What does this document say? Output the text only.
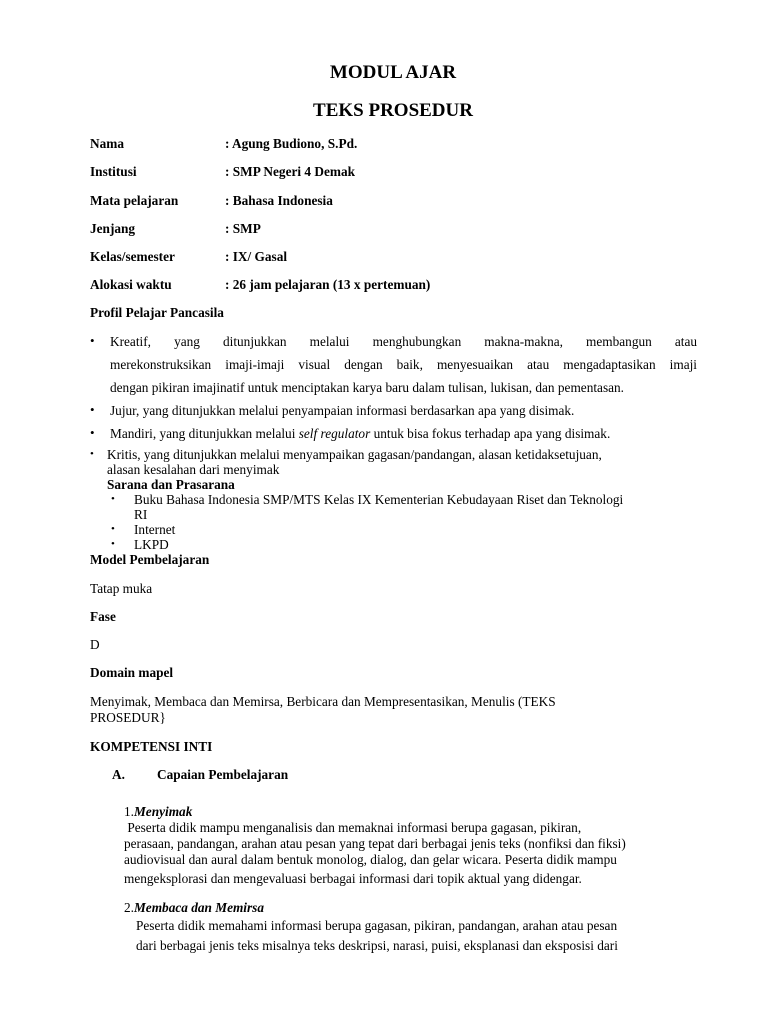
MODUL AJAR
TEKS PROSEDUR
Nama	: Agung Budiono, S.Pd.
Institusi	: SMP Negeri 4 Demak
Mata pelajaran	: Bahasa Indonesia
Jenjang	: SMP
Kelas/semester	: IX/ Gasal
Alokasi waktu	: 26 jam pelajaran (13 x pertemuan)
Profil Pelajar Pancasila
• Kreatif, yang ditunjukkan melalui menghubungkan makna-makna, membangun atau
merekonstruksikan imaji-imaji visual dengan baik, menyesuaikan atau mengadaptasikan imaji
dengan pikiran imajinatif untuk menciptakan karya baru dalam tulisan, lukisan, dan pementasan.
• Jujur, yang ditunjukkan melalui penyampaian informasi berdasarkan apa yang disimak.
• Mandiri, yang ditunjukkan melalui self regulator untuk bisa fokus terhadap apa yang disimak.
• Kritis, yang ditunjukkan melalui menyampaikan gagasan/pandangan, alasan ketidaksetujuan,
alasan kesalahan dari menyimak
Sarana dan Prasarana
• Buku Bahasa Indonesia SMP/MTS Kelas IX Kementerian Kebudayaan Riset dan Teknologi
RI
• Internet
• LKPD
Model Pembelajaran
Tatap muka
Fase
D
Domain mapel
Menyimak, Membaca dan Memirsa, Berbicara dan Mempresentasikan, Menulis (TEKS
PROSEDUR}
KOMPETENSI INTI
A. Capaian Pembelajaran
1.Menyimak
Peserta didik mampu menganalisis dan memaknai informasi berupa gagasan, pikiran,
perasaan, pandangan, arahan atau pesan yang tepat dari berbagai jenis teks (nonfiksi dan fiksi)
audiovisual dan aural dalam bentuk monolog, dialog, dan gelar wicara. Peserta didik mampu
mengeksplorasi dan mengevaluasi berbagai informasi dari topik aktual yang didengar.
2.Membaca dan Memirsa
Peserta didik memahami informasi berupa gagasan, pikiran, pandangan, arahan atau pesan
dari berbagai jenis teks misalnya teks deskripsi, narasi, puisi, eksplanasi dan eksposisi dari
